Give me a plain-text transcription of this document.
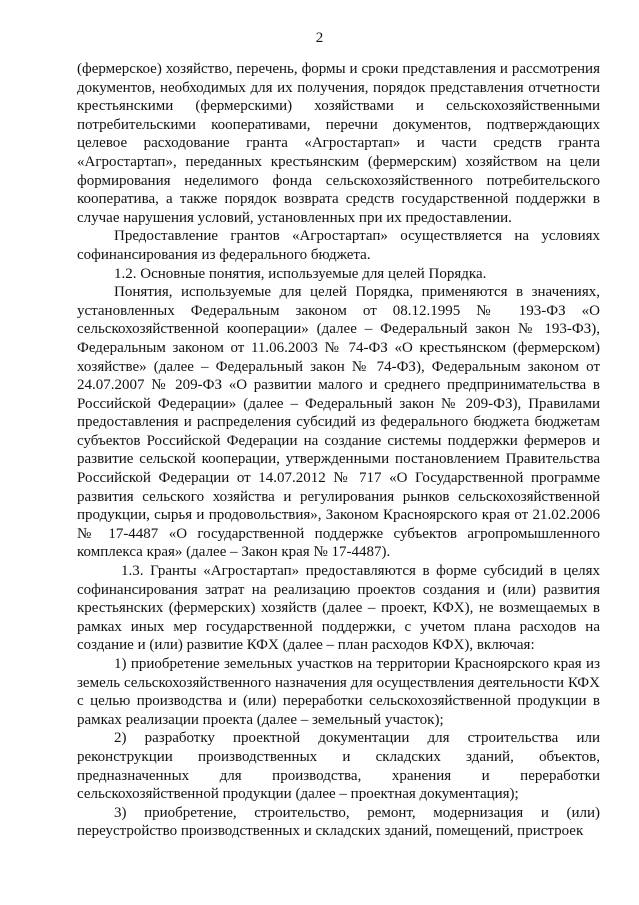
2

(фермерское) хозяйство, перечень, формы и сроки представления и рассмотрения документов, необходимых для их получения, порядок представления отчетности крестьянскими (фермерскими) хозяйствами и сельскохозяйственными потребительскими кооперативами, перечни документов, подтверждающих целевое расходование гранта «Агростартап» и части средств гранта «Агростартап», переданных крестьянским (фермерским) хозяйством на цели формирования неделимого фонда сельскохозяйственного потребительского кооператива, а также порядок возврата средств государственной поддержки в случае нарушения условий, установленных при их предоставлении.

Предоставление грантов «Агростартап» осуществляется на условиях софинансирования из федерального бюджета.

1.2. Основные понятия, используемые для целей Порядка.

Понятия, используемые для целей Порядка, применяются в значениях, установленных Федеральным законом от 08.12.1995 № 193-ФЗ «О сельскохозяйственной кооперации» (далее – Федеральный закон № 193-ФЗ), Федеральным законом от 11.06.2003 № 74-ФЗ «О крестьянском (фермерском) хозяйстве» (далее – Федеральный закон № 74-ФЗ), Федеральным законом от 24.07.2007 № 209-ФЗ «О развитии малого и среднего предпринимательства в Российской Федерации» (далее – Федеральный закон № 209-ФЗ), Правилами предоставления и распределения субсидий из федерального бюджета бюджетам субъектов Российской Федерации на создание системы поддержки фермеров и развитие сельской кооперации, утвержденными постановлением Правительства Российской Федерации от 14.07.2012 № 717 «О Государственной программе развития сельского хозяйства и регулирования рынков сельскохозяйственной продукции, сырья и продовольствия», Законом Красноярского края от 21.02.2006 № 17-4487 «О государственной поддержке субъектов агропромышленного комплекса края» (далее – Закон края № 17-4487).

1.3. Гранты «Агростартап» предоставляются в форме субсидий в целях софинансирования затрат на реализацию проектов создания и (или) развития крестьянских (фермерских) хозяйств (далее – проект, КФХ), не возмещаемых в рамках иных мер государственной поддержки, с учетом плана расходов на создание и (или) развитие КФХ (далее – план расходов КФХ), включая:

1) приобретение земельных участков на территории Красноярского края из земель сельскохозяйственного назначения для осуществления деятельности КФХ с целью производства и (или) переработки сельскохозяйственной продукции в рамках реализации проекта (далее – земельный участок);

2) разработку проектной документации для строительства или реконструкции производственных и складских зданий, объектов, предназначенных для производства, хранения и переработки сельскохозяйственной продукции (далее – проектная документация);

3) приобретение, строительство, ремонт, модернизация и (или) переустройство производственных и складских зданий, помещений, пристроек
